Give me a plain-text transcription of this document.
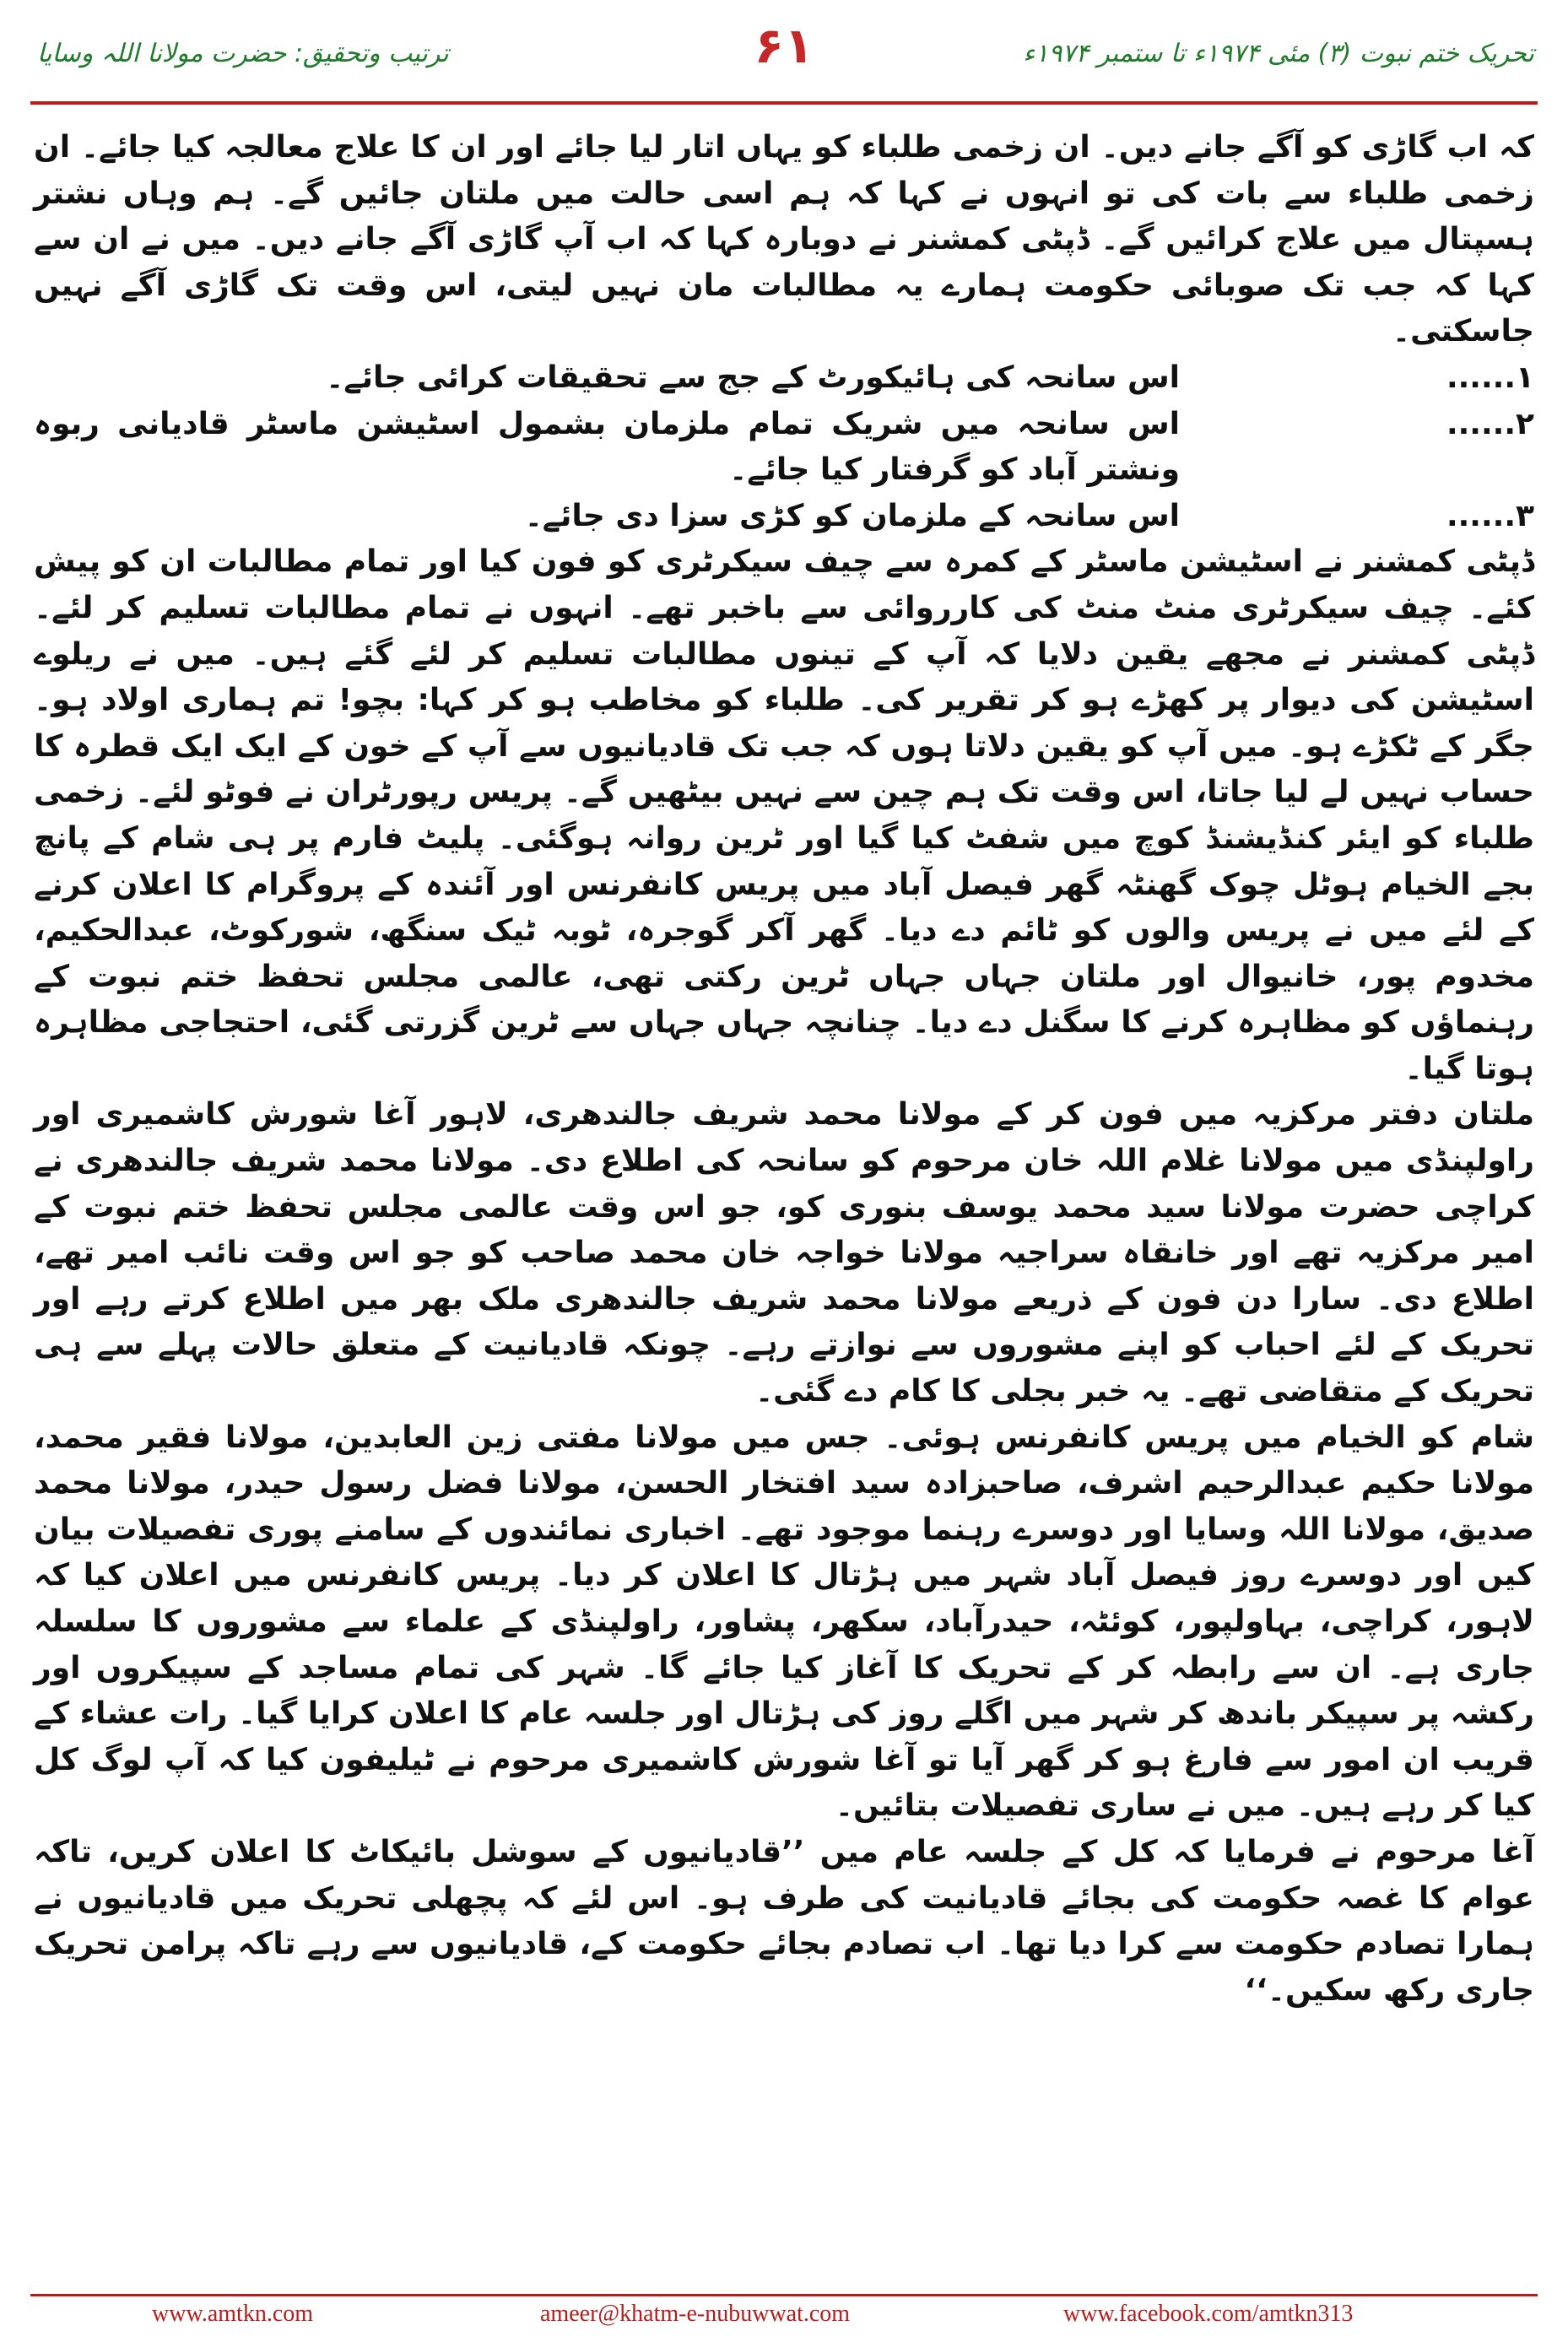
ترتیب وتحقیق: حضرت مولانا اللہ وسایا	۶۱	تحریک ختم نبوت (۳) مئی ۱۹۷۴ء تا ستمبر ۱۹۷۴ء

کہ اب گاڑی کو آگے جانے دیں۔ ان زخمی طلباء کو یہاں اتار لیا جائے اور ان کا علاج معالجہ کیا جائے۔ ان زخمی طلباء سے بات کی تو انہوں نے کہا کہ ہم اسی حالت میں ملتان جائیں گے۔ ہم وہاں نشتر ہسپتال میں علاج کرائیں گے۔ ڈپٹی کمشنر نے دوبارہ کہا کہ اب آپ گاڑی آگے جانے دیں۔ میں نے ان سے کہا کہ جب تک صوبائی حکومت ہمارے یہ مطالبات مان نہیں لیتی، اس وقت تک گاڑی آگے نہیں جاسکتی۔

۱......
اس سانحہ کی ہائیکورٹ کے جج سے تحقیقات کرائی جائے۔
۲......
اس سانحہ میں شریک تمام ملزمان بشمول اسٹیشن ماسٹر قادیانی ربوہ ونشتر آباد کو گرفتار کیا جائے۔
۳......
اس سانحہ کے ملزمان کو کڑی سزا دی جائے۔

ڈپٹی کمشنر نے اسٹیشن ماسٹر کے کمرہ سے چیف سیکرٹری کو فون کیا اور تمام مطالبات ان کو پیش کئے۔ چیف سیکرٹری منٹ منٹ کی کارروائی سے باخبر تھے۔ انہوں نے تمام مطالبات تسلیم کر لئے۔ ڈپٹی کمشنر نے مجھے یقین دلایا کہ آپ کے تینوں مطالبات تسلیم کر لئے گئے ہیں۔ میں نے ریلوے اسٹیشن کی دیوار پر کھڑے ہو کر تقریر کی۔ طلباء کو مخاطب ہو کر کہا: بچو! تم ہماری اولاد ہو۔ جگر کے ٹکڑے ہو۔ میں آپ کو یقین دلاتا ہوں کہ جب تک قادیانیوں سے آپ کے خون کے ایک ایک قطرہ کا حساب نہیں لے لیا جاتا، اس وقت تک ہم چین سے نہیں بیٹھیں گے۔ پریس رپورٹران نے فوٹو لئے۔ زخمی طلباء کو ایئر کنڈیشنڈ کوچ میں شفٹ کیا گیا اور ٹرین روانہ ہوگئی۔ پلیٹ فارم پر ہی شام کے پانچ بجے الخیام ہوٹل چوک گھنٹہ گھر فیصل آباد میں پریس کانفرنس اور آئندہ کے پروگرام کا اعلان کرنے کے لئے میں نے پریس والوں کو ٹائم دے دیا۔ گھر آکر گوجرہ، ٹوبہ ٹیک سنگھ، شورکوٹ، عبدالحکیم، مخدوم پور، خانیوال اور ملتان جہاں جہاں ٹرین رکتی تھی، عالمی مجلس تحفظ ختم نبوت کے رہنماؤں کو مظاہرہ کرنے کا سگنل دے دیا۔ چنانچہ جہاں جہاں سے ٹرین گزرتی گئی، احتجاجی مظاہرہ ہوتا گیا۔

ملتان دفتر مرکزیہ میں فون کر کے مولانا محمد شریف جالندھری، لاہور آغا شورش کاشمیری اور راولپنڈی میں مولانا غلام اللہ خان مرحوم کو سانحہ کی اطلاع دی۔ مولانا محمد شریف جالندھری نے کراچی حضرت مولانا سید محمد یوسف بنوری کو، جو اس وقت عالمی مجلس تحفظ ختم نبوت کے امیر مرکزیہ تھے اور خانقاہ سراجیہ مولانا خواجہ خان محمد صاحب کو جو اس وقت نائب امیر تھے، اطلاع دی۔ سارا دن فون کے ذریعے مولانا محمد شریف جالندھری ملک بھر میں اطلاع کرتے رہے اور تحریک کے لئے احباب کو اپنے مشوروں سے نوازتے رہے۔ چونکہ قادیانیت کے متعلق حالات پہلے سے ہی تحریک کے متقاضی تھے۔ یہ خبر بجلی کا کام دے گئی۔

شام کو الخیام میں پریس کانفرنس ہوئی۔ جس میں مولانا مفتی زین العابدین، مولانا فقیر محمد، مولانا حکیم عبدالرحیم اشرف، صاحبزادہ سید افتخار الحسن، مولانا فضل رسول حیدر، مولانا محمد صدیق، مولانا اللہ وسایا اور دوسرے رہنما موجود تھے۔ اخباری نمائندوں کے سامنے پوری تفصیلات بیان کیں اور دوسرے روز فیصل آباد شہر میں ہڑتال کا اعلان کر دیا۔ پریس کانفرنس میں اعلان کیا کہ لاہور، کراچی، بہاولپور، کوئٹہ، حیدرآباد، سکھر، پشاور، راولپنڈی کے علماء سے مشوروں کا سلسلہ جاری ہے۔ ان سے رابطہ کر کے تحریک کا آغاز کیا جائے گا۔ شہر کی تمام مساجد کے سپیکروں اور رکشہ پر سپیکر باندھ کر شہر میں اگلے روز کی ہڑتال اور جلسہ عام کا اعلان کرایا گیا۔ رات عشاء کے قریب ان امور سے فارغ ہو کر گھر آیا تو آغا شورش کاشمیری مرحوم نے ٹیلیفون کیا کہ آپ لوگ کل کیا کر رہے ہیں۔ میں نے ساری تفصیلات بتائیں۔

آغا مرحوم نے فرمایا کہ کل کے جلسہ عام میں ’’قادیانیوں کے سوشل بائیکاٹ کا اعلان کریں، تاکہ عوام کا غصہ حکومت کی بجائے قادیانیت کی طرف ہو۔ اس لئے کہ پچھلی تحریک میں قادیانیوں نے ہمارا تصادم حکومت سے کرا دیا تھا۔ اب تصادم بجائے حکومت کے، قادیانیوں سے رہے تاکہ پرامن تحریک جاری رکھ سکیں۔‘‘

www.amtkn.com	ameer@khatm-e-nubuwwat.com	www.facebook.com/amtkn313
